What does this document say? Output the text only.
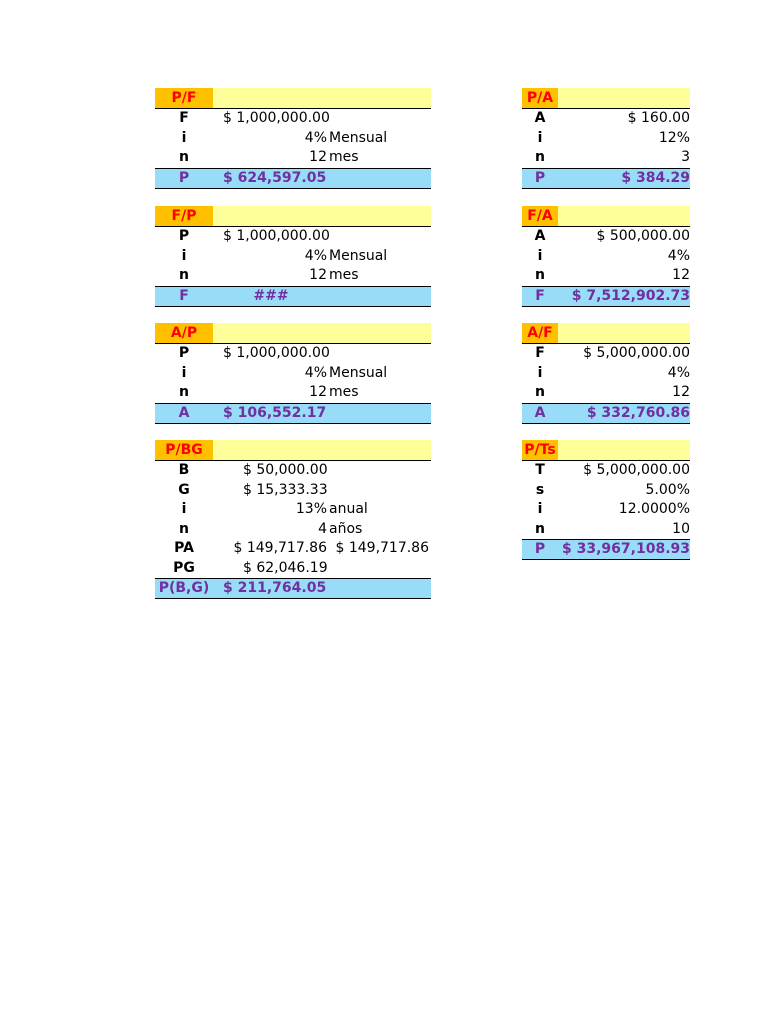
P/F
F	$ 1,000,000.00
i	4% Mensual
n	12 mes
P	$ 624,597.05
F/P
P	$ 1,000,000.00
i	4% Mensual
n	12 mes
F	###
A/P
P	$ 1,000,000.00
i	4% Mensual
n	12 mes
A	$ 106,552.17
P/BG
B	$ 50,000.00
G	$ 15,333.33
i	13% anual
n	4 años
PA	$ 149,717.86 $ 149,717.86
PG	$ 62,046.19
P(B,G) $ 211,764.05
P/A
A	$ 160.00
i	12%
n	3
P	$ 384.29
F/A
A	$ 500,000.00
i	4%
n	12
F	$ 7,512,902.73
A/F
F	$ 5,000,000.00
i	4%
n	12
A	$ 332,760.86
P/Ts
T	$ 5,000,000.00
s	5.00%
i	12.0000%
n	10
P	$ 33,967,108.93
